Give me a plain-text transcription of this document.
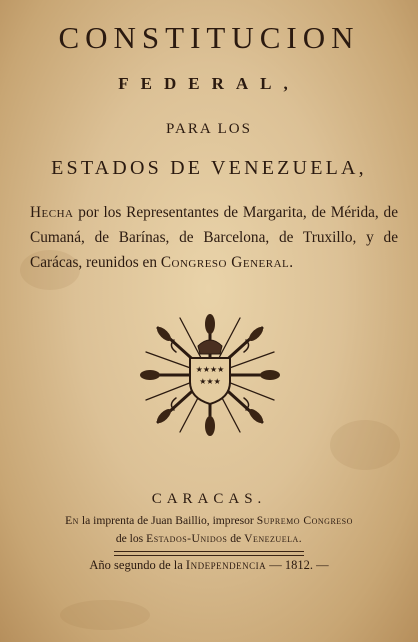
CONSTITUCION
FEDERAL,
PARA LOS
ESTADOS DE VENEZUELA,
Hecha por los Representantes de Margarita, de Mérida, de Cumaná, de Barínas, de Barcelona, de Truxillo, y de Carácas, reunidos en Congreso General.
★★★★
★★★
CARACAS.
En la imprenta de Juan Baillio, impresor Supremo Congreso
de los Estados-Unidos de Venezuela.
Año segundo de la Independencia — 1812. —
